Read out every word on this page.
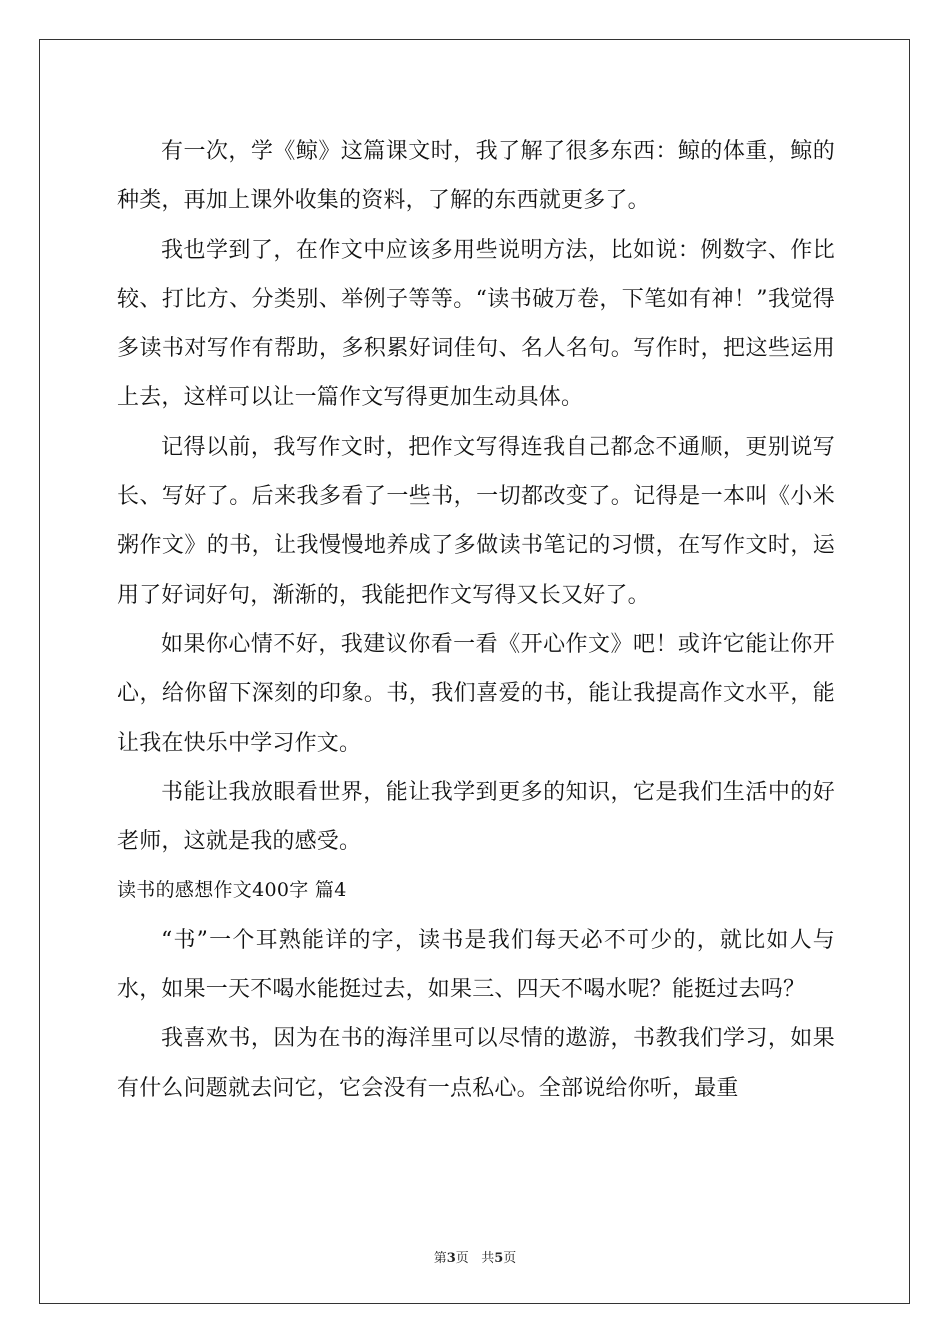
有一次，学《鲸》这篇课文时，我了解了很多东西：鲸的体重，鲸的种类，再加上课外收集的资料，了解的东西就更多了。

我也学到了，在作文中应该多用些说明方法，比如说：例数字、作比较、打比方、分类别、举例子等等。“读书破万卷，下笔如有神！”我觉得多读书对写作有帮助，多积累好词佳句、名人名句。写作时，把这些运用上去，这样可以让一篇作文写得更加生动具体。

记得以前，我写作文时，把作文写得连我自己都念不通顺，更别说写长、写好了。后来我多看了一些书，一切都改变了。记得是一本叫《小米粥作文》的书，让我慢慢地养成了多做读书笔记的习惯，在写作文时，运用了好词好句，渐渐的，我能把作文写得又长又好了。

如果你心情不好，我建议你看一看《开心作文》吧！或许它能让你开心，给你留下深刻的印象。书，我们喜爱的书，能让我提高作文水平，能让我在快乐中学习作文。

书能让我放眼看世界，能让我学到更多的知识，它是我们生活中的好老师，这就是我的感受。

读书的感想作文400字 篇4

“书”一个耳熟能详的字，读书是我们每天必不可少的，就比如人与水，如果一天不喝水能挺过去，如果三、四天不喝水呢？能挺过去吗？

我喜欢书，因为在书的海洋里可以尽情的遨游，书教我们学习，如果有什么问题就去问它，它会没有一点私心。全部说给你听，最重

第3页   共5页
